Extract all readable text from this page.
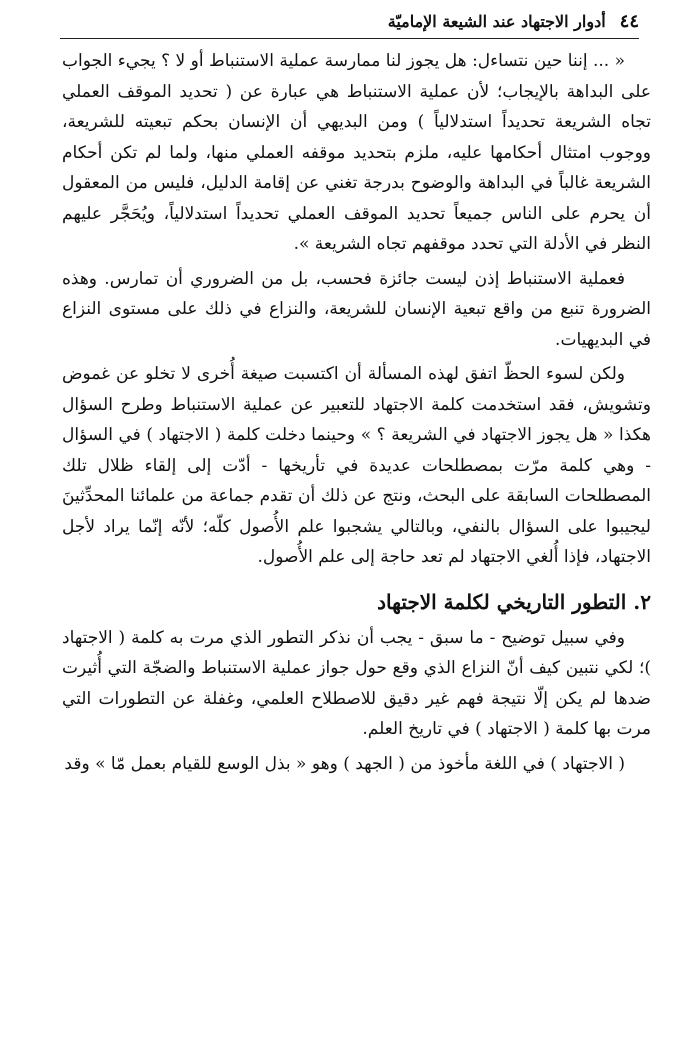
٤٤
أدوار الاجتهاد عند الشيعة الإماميّة

« ... إننا حين نتساءل: هل يجوز لنا ممارسة عملية الاستنباط أو لا ؟ يجيء الجواب على البداهة بالإيجاب؛ لأن عملية الاستنباط هي عبارة عن ( تحديد الموقف العملي تجاه الشريعة تحديداً استدلالياً ) ومن البديهي أن الإنسان بحكم تبعيته للشريعة، ووجوب امتثال أحكامها عليه، ملزم بتحديد موقفه العملي منها، ولما لم تكن أحكام الشريعة غالباً في البداهة والوضوح بدرجة تغني عن إقامة الدليل، فليس من المعقول أن يحرم على الناس جميعاً تحديد الموقف العملي تحديداً استدلالياً، ويُحَجَّر عليهم النظر في الأدلة التي تحدد موقفهم تجاه الشريعة ».

فعملية الاستنباط إذن ليست جائزة فحسب، بل من الضروري أن تمارس. وهذه الضرورة تنبع من واقع تبعية الإنسان للشريعة، والنزاع في ذلك على مستوى النزاع في البديهيات.

ولكن لسوء الحظّ اتفق لهذه المسألة أن اكتسبت صيغة أُخرى لا تخلو عن غموض وتشويش، فقد استخدمت كلمة الاجتهاد للتعبير عن عملية الاستنباط وطرح السؤال هكذا « هل يجوز الاجتهاد في الشريعة ؟ » وحينما دخلت كلمة ( الاجتهاد ) في السؤال - وهي كلمة مرّت بمصطلحات عديدة في تأريخها - أدّت إلى إلقاء ظلال تلك المصطلحات السابقة على البحث، ونتج عن ذلك أن تقدم جماعة من علمائنا المحدِّثينَ ليجيبوا على السؤال بالنفي، وبالتالي يشجبوا علم الأُصول كلّه؛ لأنّه إنّما يراد لأجل الاجتهاد، فإذا أُلغي الاجتهاد لم تعد حاجة إلى علم الأُصول.

٢. التطور التاريخي لكلمة الاجتهاد

وفي سبيل توضيح - ما سبق - يجب أن نذكر التطور الذي مرت به كلمة ( الاجتهاد )؛ لكي نتبين كيف أنّ النزاع الذي وقع حول جواز عملية الاستنباط والضجّة التي أُثيرت ضدها لم يكن إلّا نتيجة فهم غير دقيق للاصطلاح العلمي، وغفلة عن التطورات التي مرت بها كلمة ( الاجتهاد ) في تاريخ العلم.

( الاجتهاد ) في اللغة مأخوذ من ( الجهد ) وهو « بذل الوسع للقيام بعمل مّا » وقد
